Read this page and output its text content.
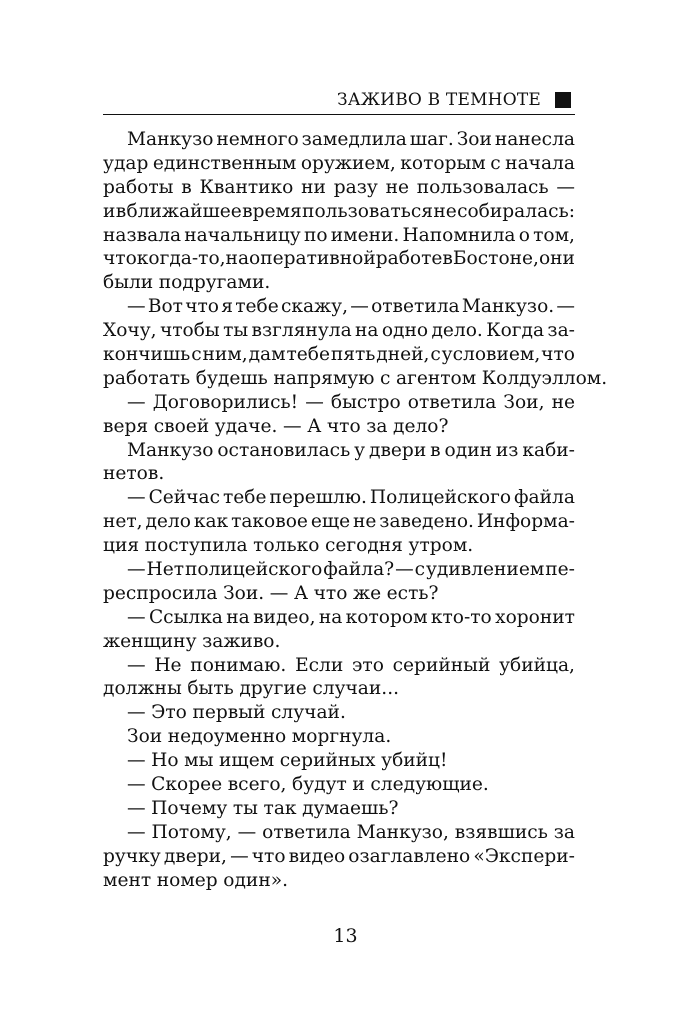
ЗАЖИВО В ТЕМНОТЕ
Манкузо немного замедлила шаг. Зои нанесла
удар единственным оружием, которым с начала
работы в Квантико ни разу не пользовалась —
и в ближайшее время пользоваться не собиралась:
назвала начальницу по имени. Напомнила о том,
что когда-то, на оперативной работе в Бостоне, они
были подругами.
— Вот что я тебе скажу, — ответила Манкузо. —
Хочу, чтобы ты взглянула на одно дело. Когда за-
кончишь с ним, дам тебе пять дней, с условием, что
работать будешь напрямую с агентом Колдуэллом.
— Договорились! — быстро ответила Зои, не
веря своей удаче. — А что за дело?
Манкузо остановилась у двери в один из каби-
нетов.
— Сейчас тебе перешлю. Полицейского файла
нет, дело как таковое еще не заведено. Информа-
ция поступила только сегодня утром.
— Нет полицейского файла? — с удивлением пе-
респросила Зои. — А что же есть?
— Ссылка на видео, на котором кто-то хоронит
женщину заживо.
— Не понимаю. Если это серийный убийца,
должны быть другие случаи...
— Это первый случай.
Зои недоуменно моргнула.
— Но мы ищем серийных убийц!
— Скорее всего, будут и следующие.
— Почему ты так думаешь?
— Потому, — ответила Манкузо, взявшись за
ручку двери, — что видео озаглавлено «Экспери-
мент номер один».
13
